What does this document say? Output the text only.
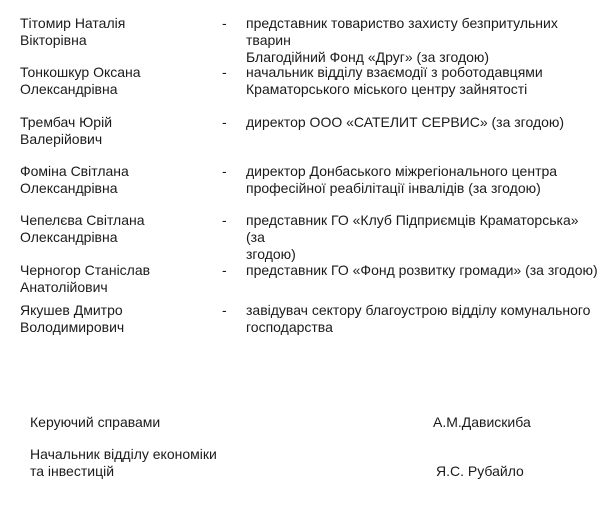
Тітомир Наталія
Вікторівна
-	представник товариство захисту безпритульних тварин
Благодійний Фонд «Друг» (за згодою)
Тонкошкур Оксана
Олександрівна
-	начальник відділу взаємодії з роботодавцями
Краматорського міського центру зайнятості
Трембач Юрій
Валерійович
-	директор ООО «САТЕЛИТ СЕРВИС» (за згодою)
Фоміна Світлана
Олександрівна
-	директор Донбаського міжрегіонального центра
професійної реабілітації інвалідів (за згодою)
Чепелєва Світлана
Олександрівна
-	представник ГО «Клуб Підприємців Краматорська» (за
згодою)
Черногор Станіслав
Анатолійович
-	представник ГО «Фонд розвитку громади» (за згодою)
Якушев Дмитро
Володимирович
-	завідувач сектору благоустрою відділу комунального
господарства
Керуючий справами	А.М.Давискиба
Начальник відділу економіки
та інвестицій	Я.С. Рубайло
